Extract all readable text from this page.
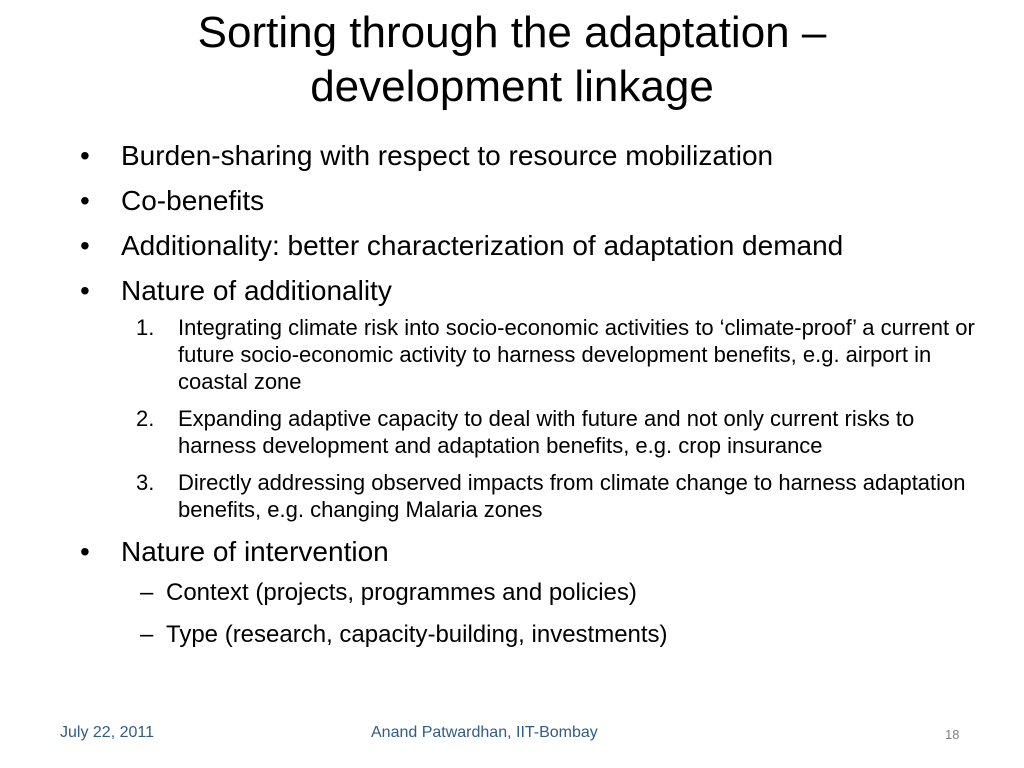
Sorting through the adaptation –
development linkage
•	Burden-sharing with respect to resource mobilization
•	Co-benefits
•	Additionality: better characterization of adaptation demand
•	Nature of additionality
1. Integrating climate risk into socio-economic activities to ‘climate-proof’ a current or future socio-economic activity to harness development benefits, e.g. airport in coastal zone
2. Expanding adaptive capacity to deal with future and not only current risks to harness development and adaptation benefits, e.g. crop insurance
3. Directly addressing observed impacts from climate change to harness adaptation benefits, e.g. changing Malaria zones
•	Nature of intervention
– Context (projects, programmes and policies)
– Type (research, capacity-building, investments)
July 22, 2011	Anand Patwardhan, IIT-Bombay	18
